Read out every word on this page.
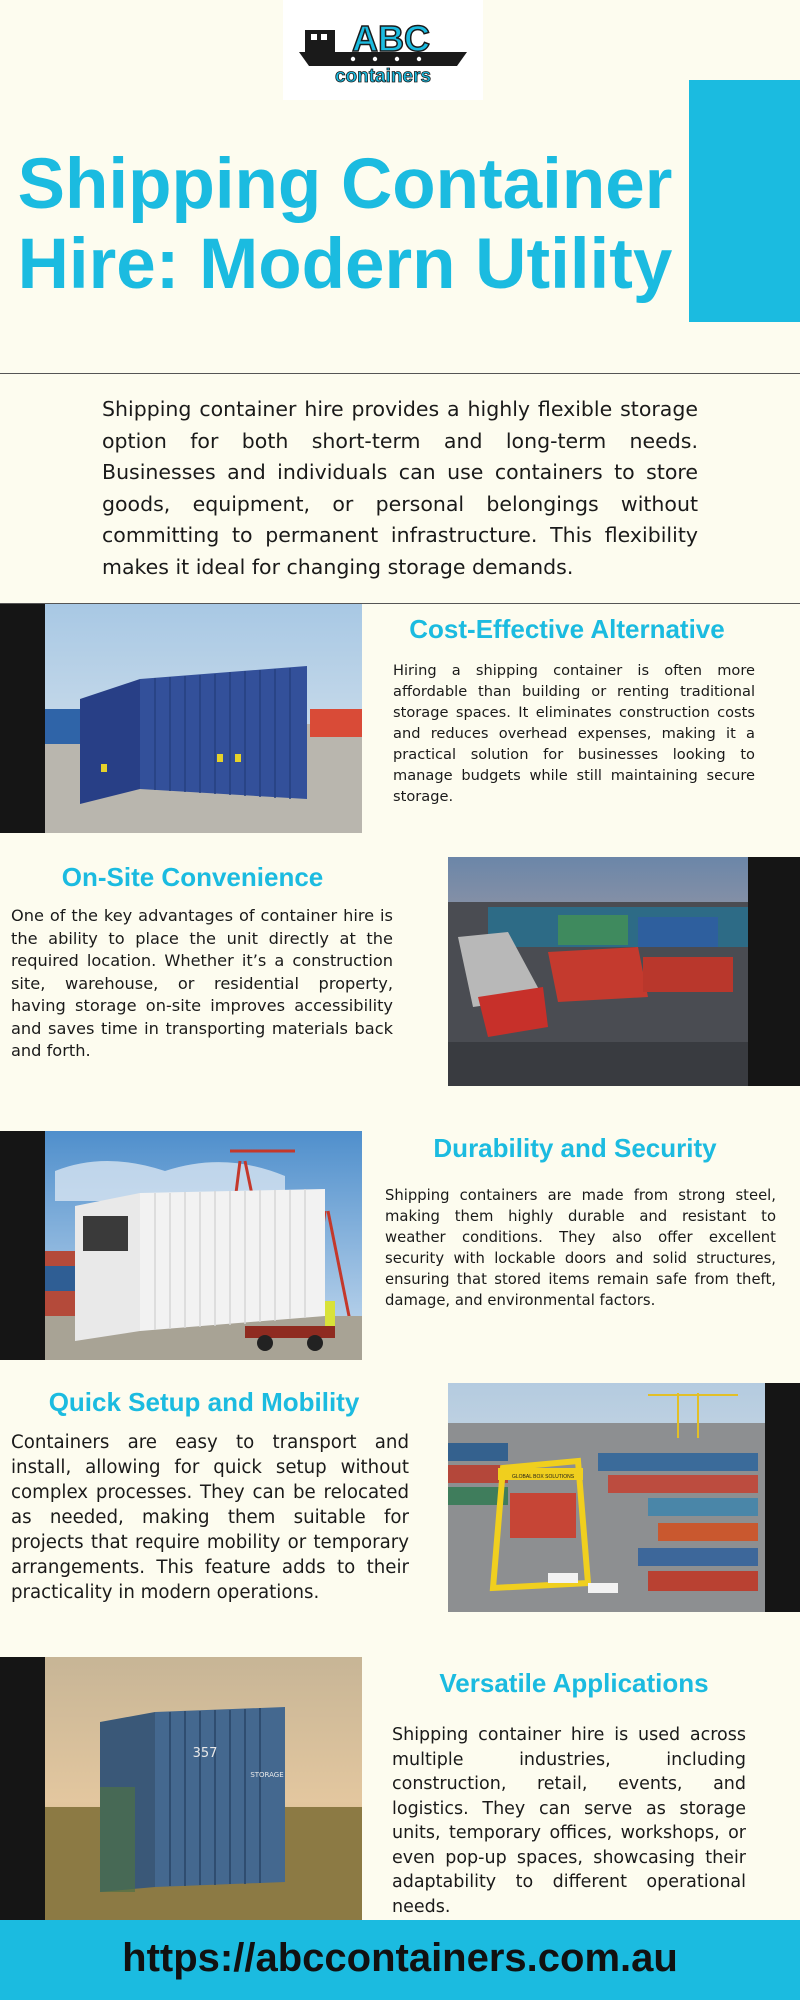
ABC
containers
Shipping Container
Hire: Modern Utility

Shipping container hire provides a highly flexible storage option for both short-term and long-term needs. Businesses and individuals can use containers to store goods, equipment, or personal belongings without committing to permanent infrastructure. This flexibility makes it ideal for changing storage demands.

Cost-Effective Alternative

Hiring a shipping container is often more affordable than building or renting traditional storage spaces. It eliminates construction costs and reduces overhead expenses, making it a practical solution for businesses looking to manage budgets while still maintaining secure storage.

On-Site Convenience

One of the key advantages of container hire is the ability to place the unit directly at the required location. Whether it’s a construction site, warehouse, or residential property, having storage on-site improves accessibility and saves time in transporting materials back and forth.

Durability and Security

Shipping containers are made from strong steel, making them highly durable and resistant to weather conditions. They also offer excellent security with lockable doors and solid structures, ensuring that stored items remain safe from theft, damage, and environmental factors.

Quick Setup and Mobility

Containers are easy to transport and install, allowing for quick setup without complex processes. They can be relocated as needed, making them suitable for projects that require mobility or temporary arrangements. This feature adds to their practicality in modern operations.

GLOBAL BOX SOLUTIONS
357
STORAGE
Versatile Applications

Shipping container hire is used across multiple industries, including construction, retail, events, and logistics. They can serve as storage units, temporary offices, workshops, or even pop-up spaces, showcasing their adaptability to different operational needs.

https://abccontainers.com.au
